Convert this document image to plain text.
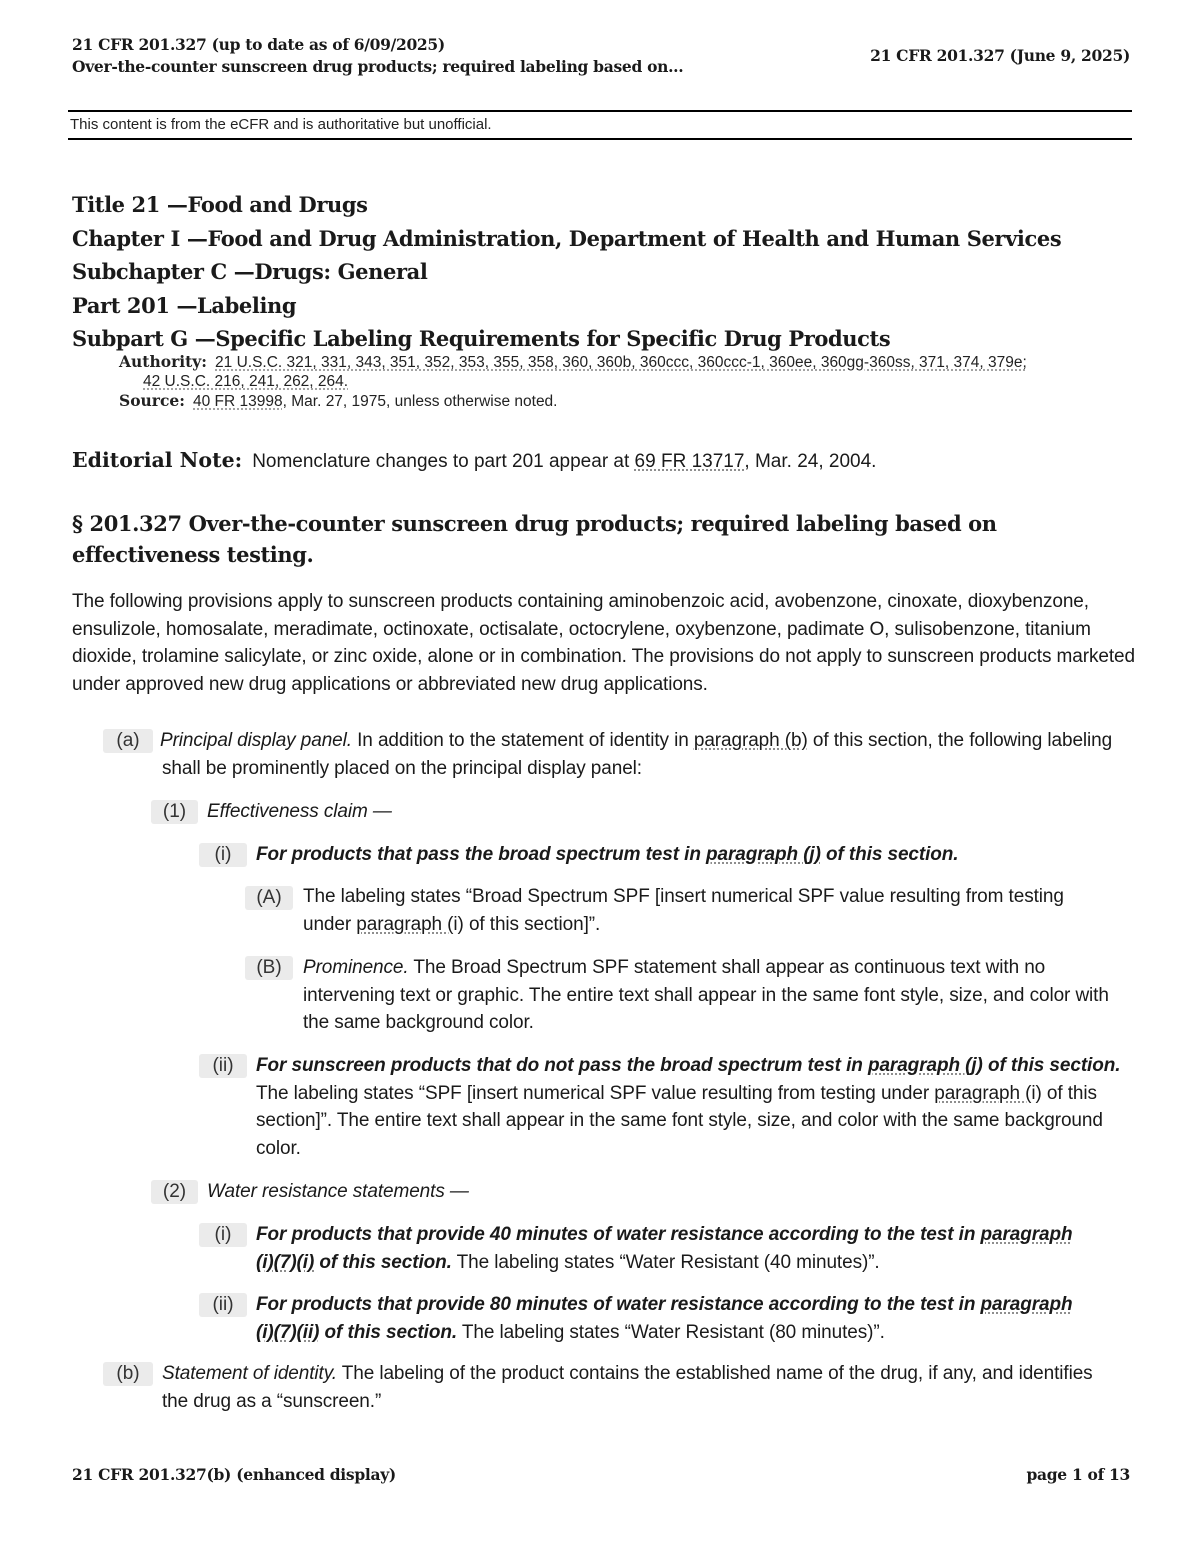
21 CFR 201.327 (up to date as of 6/09/2025)
Over-the-counter sunscreen drug products; required labeling based on...
21 CFR 201.327 (June 9, 2025)
This content is from the eCFR and is authoritative but unofficial.
Title 21 —Food and Drugs
Chapter I —Food and Drug Administration, Department of Health and Human Services
Subchapter C —Drugs: General
Part 201 —Labeling
Subpart G —Specific Labeling Requirements for Specific Drug Products
Authority: 21 U.S.C. 321, 331, 343, 351, 352, 353, 355, 358, 360, 360b, 360ccc, 360ccc-1, 360ee, 360gg-360ss, 371, 374, 379e;
42 U.S.C. 216, 241, 262, 264.
Source: 40 FR 13998, Mar. 27, 1975, unless otherwise noted.
Editorial Note: Nomenclature changes to part 201 appear at 69 FR 13717, Mar. 24, 2004.
§ 201.327 Over-the-counter sunscreen drug products; required labeling based on effectiveness testing.
The following provisions apply to sunscreen products containing aminobenzoic acid, avobenzone, cinoxate, dioxybenzone, ensulizole, homosalate, meradimate, octinoxate, octisalate, octocrylene, oxybenzone, padimate O, sulisobenzone, titanium dioxide, trolamine salicylate, or zinc oxide, alone or in combination. The provisions do not apply to sunscreen products marketed under approved new drug applications or abbreviated new drug applications.
(a)	Principal display panel. In addition to the statement of identity in paragraph (b) of this section, the following labeling shall be prominently placed on the principal display panel:
(1)	Effectiveness claim —
(i)	For products that pass the broad spectrum test in paragraph (j) of this section.
(A)	The labeling states “Broad Spectrum SPF [insert numerical SPF value resulting from testing under paragraph (i) of this section]”.
(B)	Prominence. The Broad Spectrum SPF statement shall appear as continuous text with no intervening text or graphic. The entire text shall appear in the same font style, size, and color with the same background color.
(ii)	For sunscreen products that do not pass the broad spectrum test in paragraph (j) of this section. The labeling states “SPF [insert numerical SPF value resulting from testing under paragraph (i) of this section]”. The entire text shall appear in the same font style, size, and color with the same background color.
(2)	Water resistance statements —
(i)	For products that provide 40 minutes of water resistance according to the test in paragraph (i)(7)(i) of this section. The labeling states “Water Resistant (40 minutes)”.
(ii)	For products that provide 80 minutes of water resistance according to the test in paragraph (i)(7)(ii) of this section. The labeling states “Water Resistant (80 minutes)”.
(b)	Statement of identity. The labeling of the product contains the established name of the drug, if any, and identifies the drug as a “sunscreen.”
21 CFR 201.327(b) (enhanced display)	page 1 of 13
